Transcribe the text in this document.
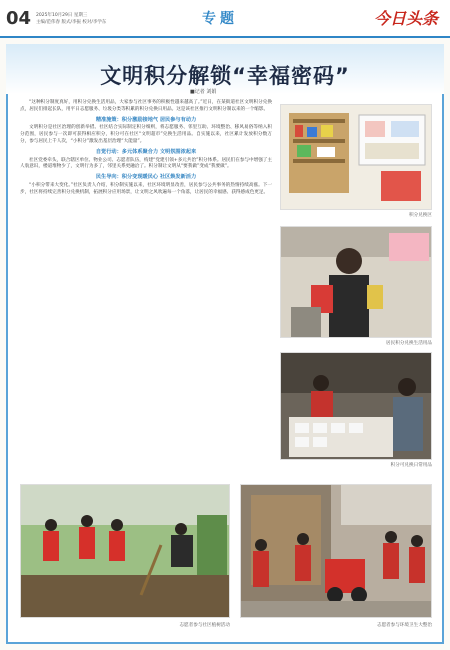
04 2025年10月29日 星期三
主编/范伟春 版式/李振 校对/李学东	专题	今日头条
文明积分解锁“幸福密码”
■记者 刘娟

“这种积分制度真好，用积分兑换生活用品，大家参与社区事务的积极性越来越高了。”近日，在某街道社区文明积分兑换点，居民们排起长队，用平日志愿服务、垃圾分类等积累的积分兑换日用品。这是该社区推行文明积分制以来的一个缩影。

精准施策：积分激励接地气 居民参与有动力

文明积分是社区治理的创新举措。社区结合实际制定积分细则，将志愿服务、邻里互助、环境整治、移风易俗等纳入积分范围，居民参与一次即可获得相应积分，积分可在社区“文明超市”兑换生活用品。自实施以来，社区累计发放积分数万分，参与居民上千人次，“小积分”激发出基层治理“大能量”。

自觉行动：多元体系聚合力 文明氛围浓起来

社区党委牵头，联合辖区单位、物业公司、志愿者队伍，构建“党建引领+多元共治”积分体系。居民们在参与中增强了主人翁意识，楼道堆物少了，文明行为多了，邻里关系更融洽了。积分制让文明从“要我做”变成“我要做”。

民生导向：积分变现暖民心 社区焕发新活力

“小积分带来大变化。”社区负责人介绍，积分制实施以来，社区环境明显改善，居民参与公共事务的热情持续高涨。下一步，社区将持续完善积分兑换机制，拓展积分应用场景，让文明之风吹遍每一个角落，让居民的幸福感、获得感成色更足。

积分兑换区
居民积分兑换生活用品
积分可兑换日常用品
志愿者参与社区植树活动	志愿者参与环境卫生大整治
